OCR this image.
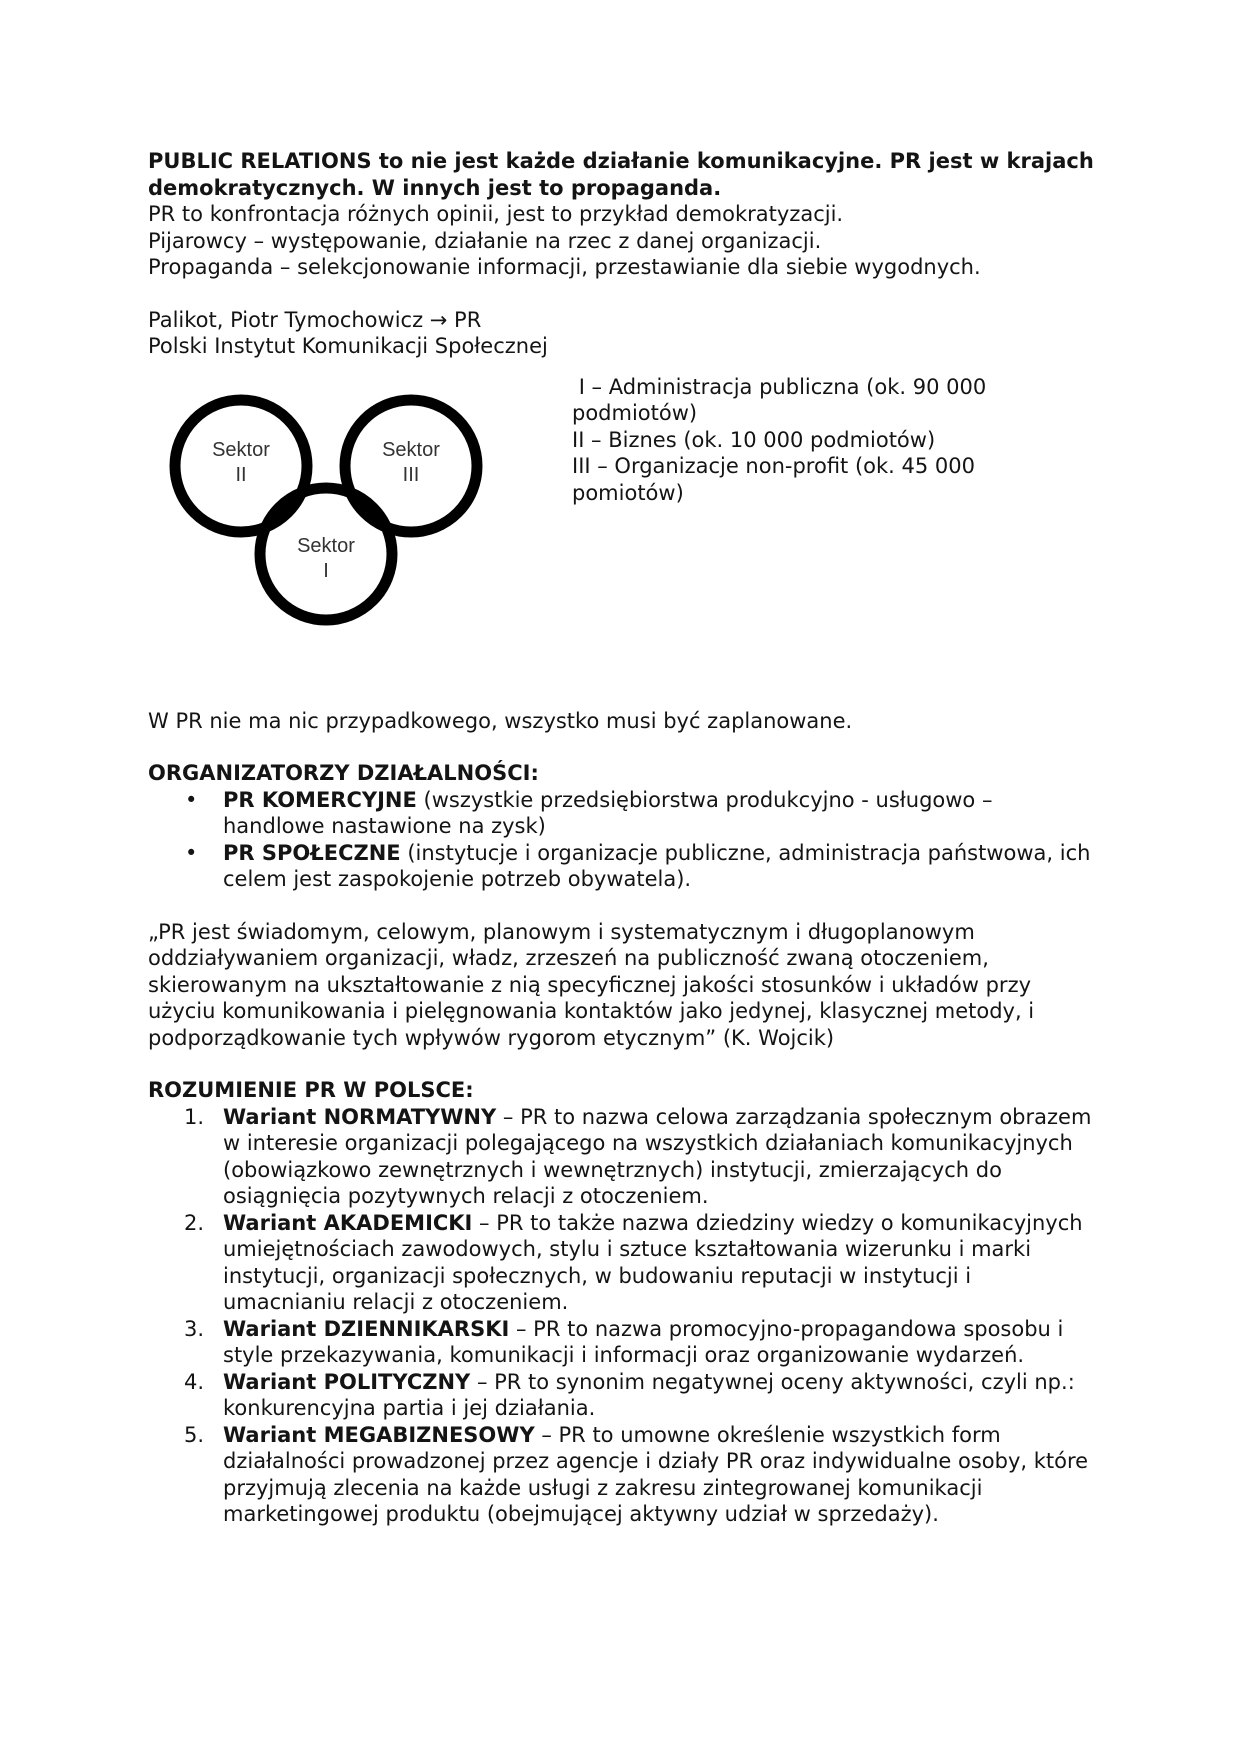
PUBLIC RELATIONS to nie jest każde działanie komunikacyjne. PR jest w krajach demokratycznych. W innych jest to propaganda.

PR to konfrontacja różnych opinii, jest to przykład demokratyzacji.

Pijarowcy – występowanie, działanie na rzec z danej organizacji.

Propaganda – selekcjonowanie informacji, przestawianie dla siebie wygodnych.

Palikot, Piotr Tymochowicz → PR

Polski Instytut Komunikacji Społecznej

Sektor
II
Sektor
III
Sektor
I

I – Administracja publiczna (ok. 90 000 podmiotów)

II – Biznes (ok. 10 000 podmiotów)

III – Organizacje non-profit (ok. 45 000 pomiotów)

W PR nie ma nic przypadkowego, wszystko musi być zaplanowane.

ORGANIZATORZY DZIAŁALNOŚCI:

• PR KOMERCYJNE (wszystkie przedsiębiorstwa produkcyjno - usługowo – handlowe nastawione na zysk)
• PR SPOŁECZNE (instytucje i organizacje publiczne, administracja państwowa, ich celem jest zaspokojenie potrzeb obywatela).

„PR jest świadomym, celowym, planowym i systematycznym i długoplanowym oddziaływaniem organizacji, władz, zrzeszeń na publiczność zwaną otoczeniem, skierowanym na ukształtowanie z nią specyficznej jakości stosunków i układów przy użyciu komunikowania i pielęgnowania kontaktów jako jedynej, klasycznej metody, i podporządkowanie tych wpływów rygorom etycznym” (K. Wojcik)

ROZUMIENIE PR W POLSCE:

1. Wariant NORMATYWNY – PR to nazwa celowa zarządzania społecznym obrazem w interesie organizacji polegającego na wszystkich działaniach komunikacyjnych (obowiązkowo zewnętrznych i wewnętrznych) instytucji, zmierzających do osiągnięcia pozytywnych relacji z otoczeniem.
2. Wariant AKADEMICKI – PR to także nazwa dziedziny wiedzy o komunikacyjnych umiejętnościach zawodowych, stylu i sztuce kształtowania wizerunku i marki instytucji, organizacji społecznych, w budowaniu reputacji w instytucji i umacnianiu relacji z otoczeniem.
3. Wariant DZIENNIKARSKI – PR to nazwa promocyjno-propagandowa sposobu i style przekazywania, komunikacji i informacji oraz organizowanie wydarzeń.
4. Wariant POLITYCZNY – PR to synonim negatywnej oceny aktywności, czyli np.: konkurencyjna partia i jej działania.
5. Wariant MEGABIZNESOWY – PR to umowne określenie wszystkich form działalności prowadzonej przez agencje i działy PR oraz indywidualne osoby, które przyjmują zlecenia na każde usługi z zakresu zintegrowanej komunikacji marketingowej produktu (obejmującej aktywny udział w sprzedaży).
